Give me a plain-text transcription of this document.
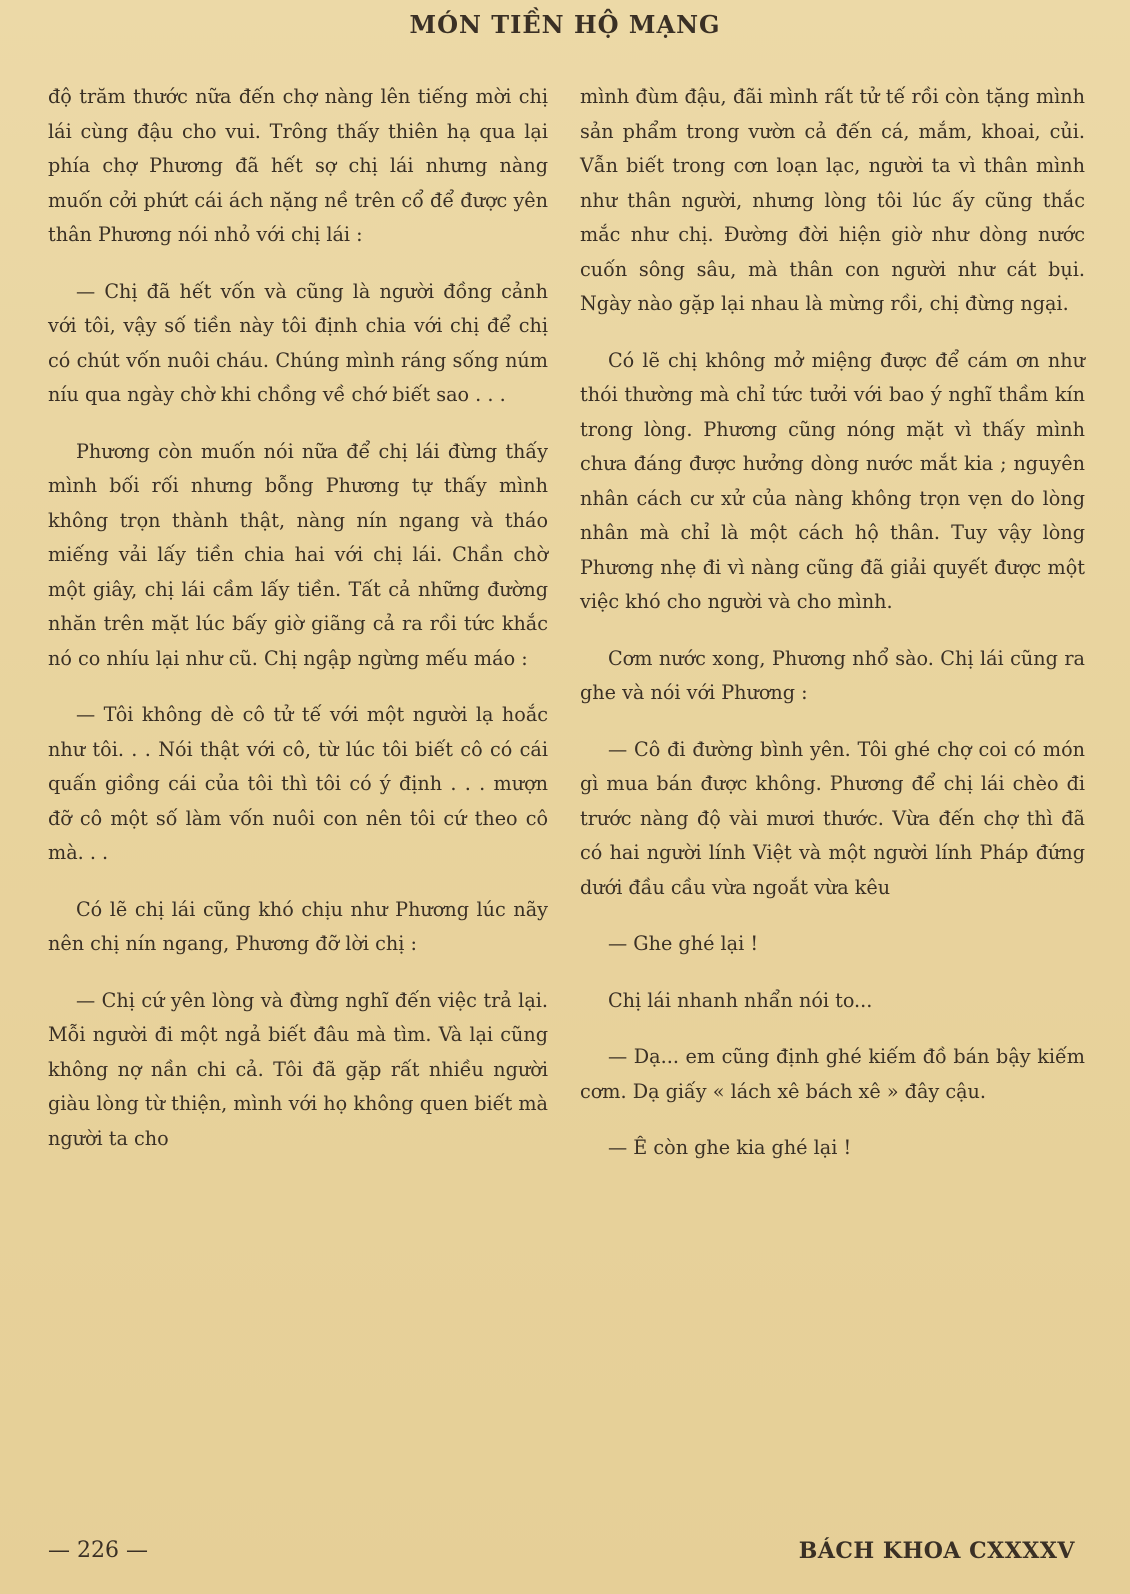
MÓN TIỀN HỘ MẠNG

độ trăm thước nữa đến chợ nàng lên tiếng mời chị lái cùng đậu cho vui. Trông thấy thiên hạ qua lại phía chợ Phương đã hết sợ chị lái nhưng nàng muốn cởi phứt cái ách nặng nề trên cổ để được yên thân Phương nói nhỏ với chị lái :

— Chị đã hết vốn và cũng là người đồng cảnh với tôi, vậy số tiền này tôi định chia với chị để chị có chút vốn nuôi cháu. Chúng mình ráng sống núm níu qua ngày chờ khi chồng về chớ biết sao . . .

Phương còn muốn nói nữa để chị lái đừng thấy mình bối rối nhưng bỗng Phương tự thấy mình không trọn thành thật, nàng nín ngang và tháo miếng vải lấy tiền chia hai với chị lái. Chần chờ một giây, chị lái cầm lấy tiền. Tất cả những đường nhăn trên mặt lúc bấy giờ giãng cả ra rồi tức khắc nó co nhíu lại như cũ. Chị ngập ngừng mếu máo :

— Tôi không dè cô tử tế với một người lạ hoắc như tôi. . . Nói thật với cô, từ lúc tôi biết cô có cái quấn giồng cái của tôi thì tôi có ý định . . . mượn đỡ cô một số làm vốn nuôi con nên tôi cứ theo cô mà. . .

Có lẽ chị lái cũng khó chịu như Phương lúc nãy nên chị nín ngang, Phương đỡ lời chị :

— Chị cứ yên lòng và đừng nghĩ đến việc trả lại. Mỗi người đi một ngả biết đâu mà tìm. Và lại cũng không nợ nần chi cả. Tôi đã gặp rất nhiều người giàu lòng từ thiện, mình với họ không quen biết mà người ta cho

mình đùm đậu, đãi mình rất tử tế rồi còn tặng mình sản phẩm trong vườn cả đến cá, mắm, khoai, củi. Vẫn biết trong cơn loạn lạc, người ta vì thân mình như thân người, nhưng lòng tôi lúc ấy cũng thắc mắc như chị. Đường đời hiện giờ như dòng nước cuốn sông sâu, mà thân con người như cát bụi. Ngày nào gặp lại nhau là mừng rồi, chị đừng ngại.

Có lẽ chị không mở miệng được để cám ơn như thói thường mà chỉ tức tưởi với bao ý nghĩ thầm kín trong lòng. Phương cũng nóng mặt vì thấy mình chưa đáng được hưởng dòng nước mắt kia ; nguyên nhân cách cư xử của nàng không trọn vẹn do lòng nhân mà chỉ là một cách hộ thân. Tuy vậy lòng Phương nhẹ đi vì nàng cũng đã giải quyết được một việc khó cho người và cho mình.

Cơm nước xong, Phương nhổ sào. Chị lái cũng ra ghe và nói với Phương :

— Cô đi đường bình yên. Tôi ghé chợ coi có món gì mua bán được không. Phương để chị lái chèo đi trước nàng độ vài mươi thước. Vừa đến chợ thì đã có hai người lính Việt và một người lính Pháp đứng dưới đầu cầu vừa ngoắt vừa kêu

— Ghe ghé lại !

Chị lái nhanh nhẩn nói to...

— Dạ... em cũng định ghé kiếm đồ bán bậy kiếm cơm. Dạ giấy « lách xê bách xê » đây cậu.

— Ê còn ghe kia ghé lại !

— 226 —	BÁCH KHOA CXXXXV
